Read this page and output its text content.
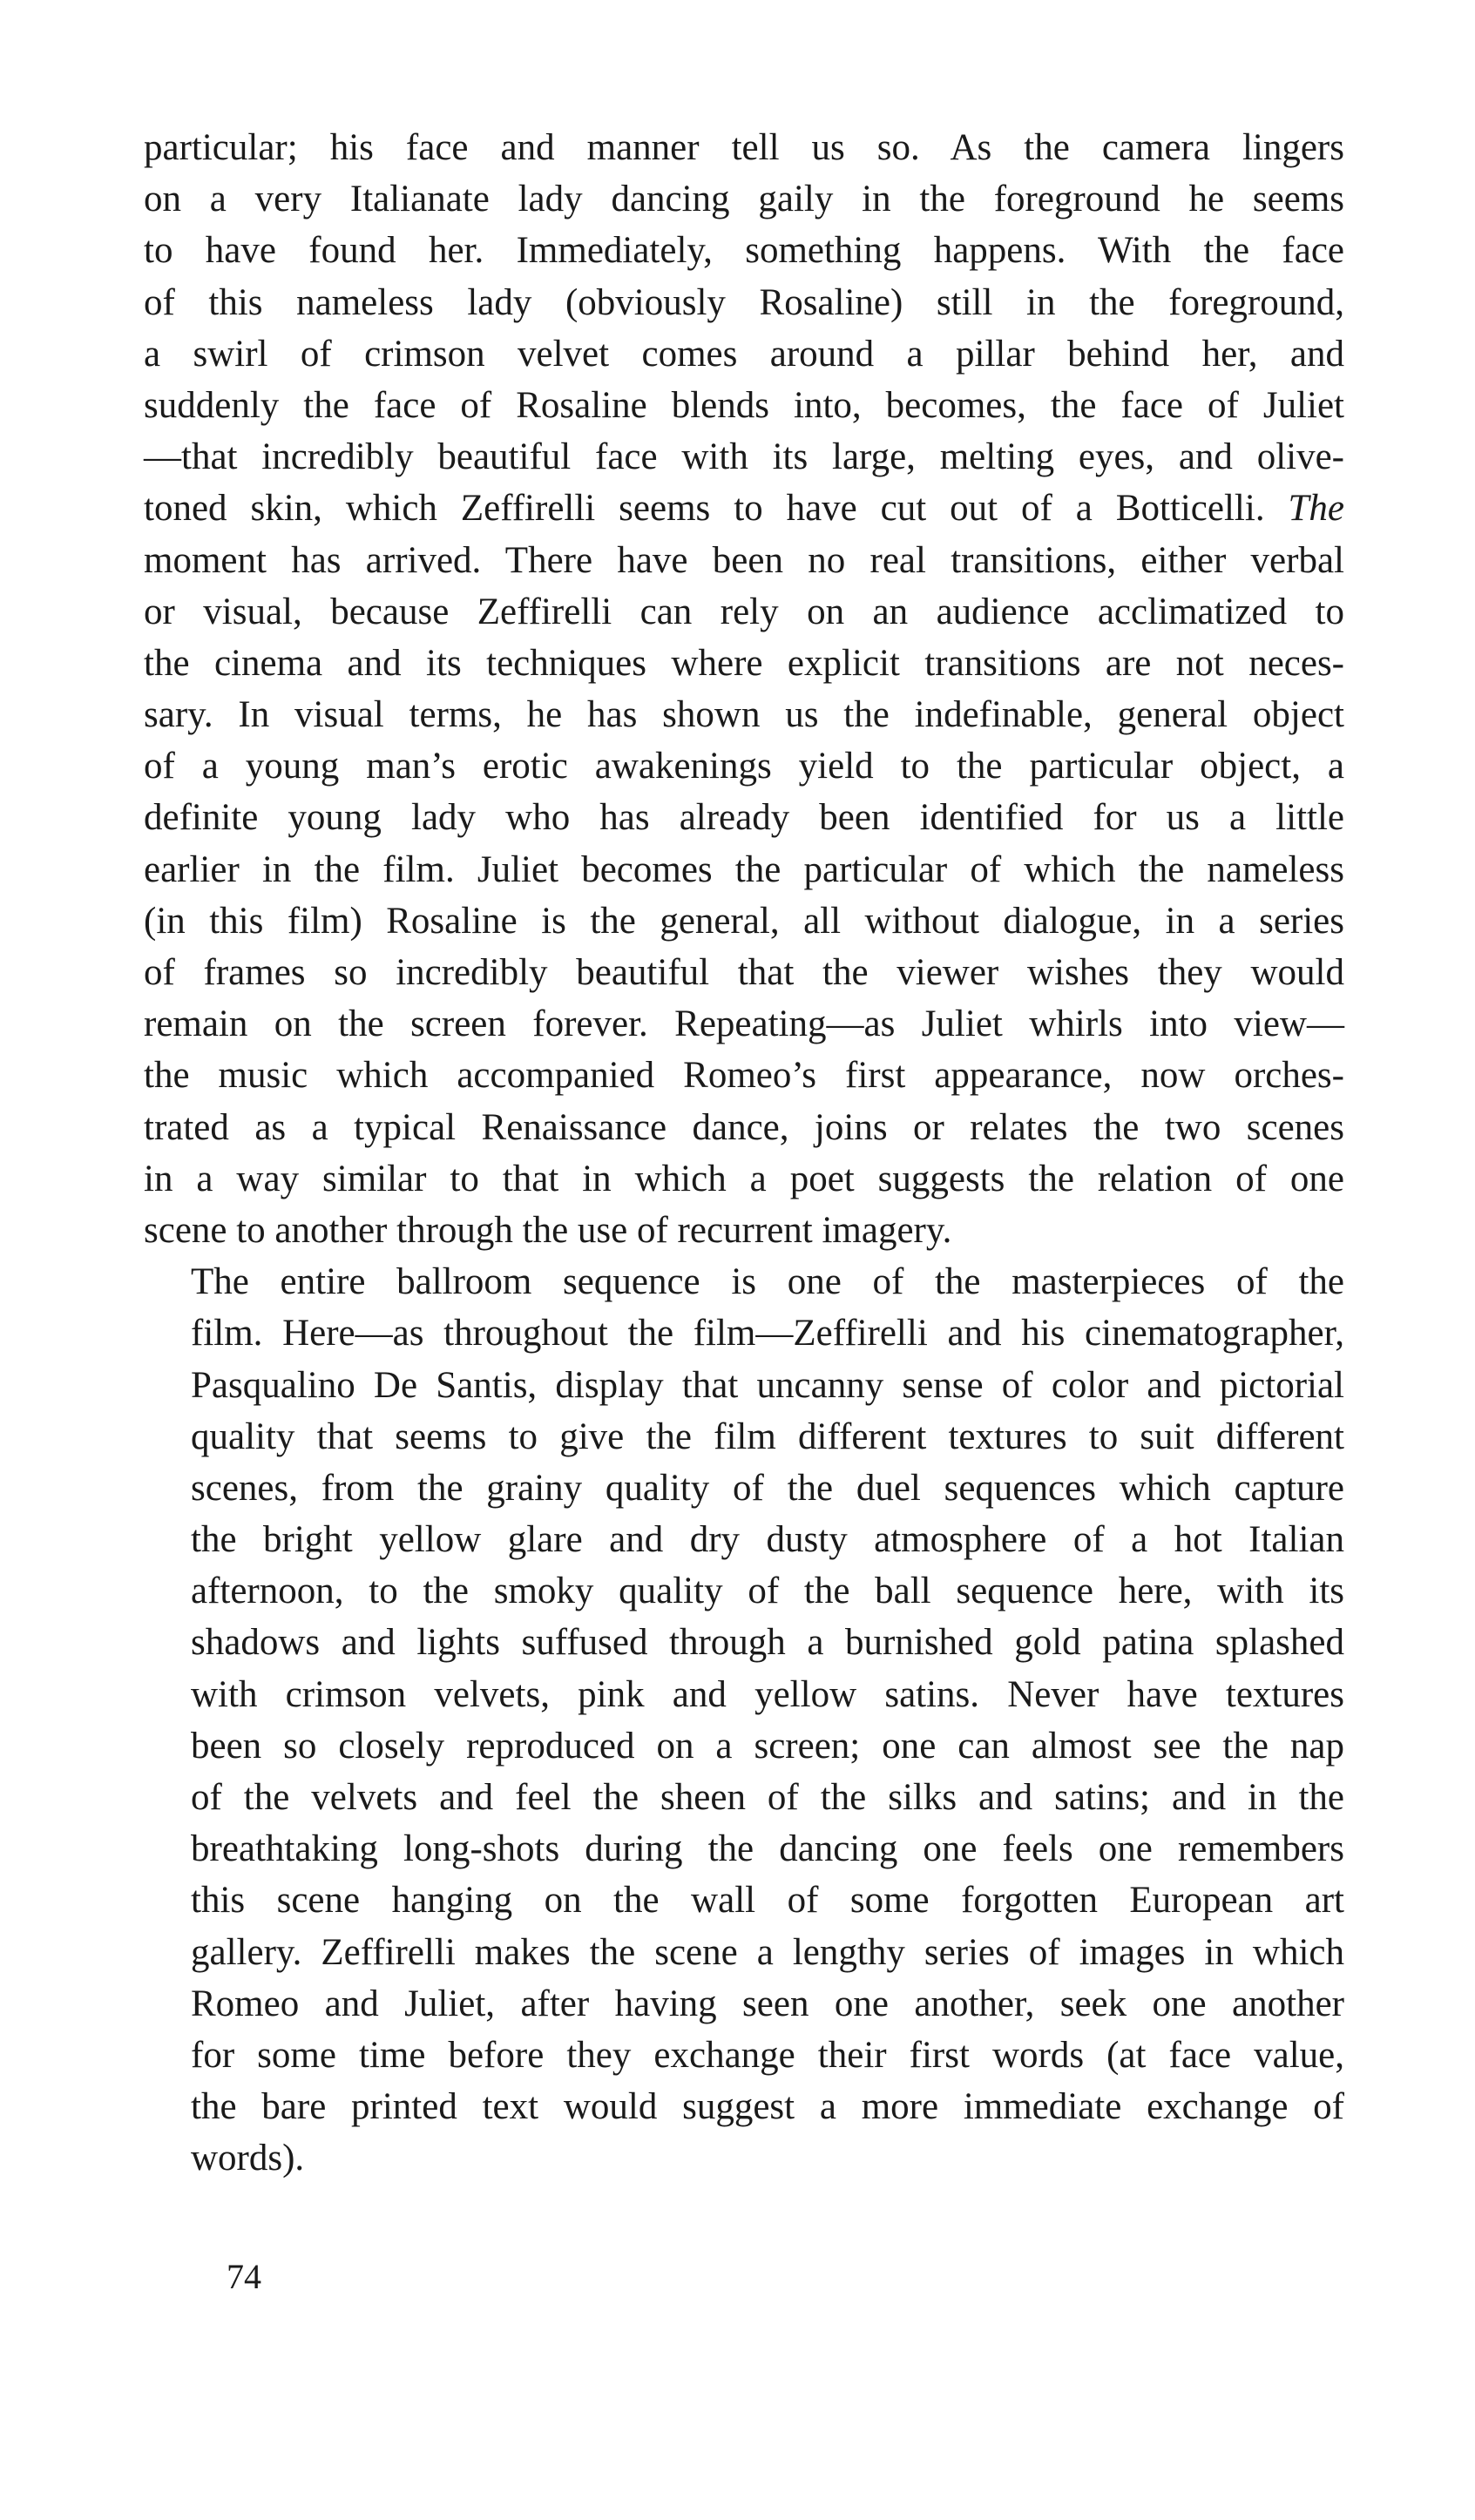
particular; his face and manner tell us so. As the camera lingers
on a very Italianate lady dancing gaily in the foreground he seems
to have found her. Immediately, something happens. With the face
of this nameless lady (obviously Rosaline) still in the foreground,
a swirl of crimson velvet comes around a pillar behind her, and
suddenly the face of Rosaline blends into, becomes, the face of Juliet
—that incredibly beautiful face with its large, melting eyes, and olive-
toned skin, which Zeffirelli seems to have cut out of a Botticelli. The
moment has arrived. There have been no real transitions, either verbal
or visual, because Zeffirelli can rely on an audience acclimatized to
the cinema and its techniques where explicit transitions are not neces-
sary. In visual terms, he has shown us the indefinable, general object
of a young man’s erotic awakenings yield to the particular object, a
definite young lady who has already been identified for us a little
earlier in the film. Juliet becomes the particular of which the nameless
(in this film) Rosaline is the general, all without dialogue, in a series
of frames so incredibly beautiful that the viewer wishes they would
remain on the screen forever. Repeating—as Juliet whirls into view—
the music which accompanied Romeo’s first appearance, now orches-
trated as a typical Renaissance dance, joins or relates the two scenes
in a way similar to that in which a poet suggests the relation of one
scene to another through the use of recurrent imagery.
The entire ballroom sequence is one of the masterpieces of the
film. Here—as throughout the film—Zeffirelli and his cinematographer,
Pasqualino De Santis, display that uncanny sense of color and pictorial
quality that seems to give the film different textures to suit different
scenes, from the grainy quality of the duel sequences which capture
the bright yellow glare and dry dusty atmosphere of a hot Italian
afternoon, to the smoky quality of the ball sequence here, with its
shadows and lights suffused through a burnished gold patina splashed
with crimson velvets, pink and yellow satins. Never have textures
been so closely reproduced on a screen; one can almost see the nap
of the velvets and feel the sheen of the silks and satins; and in the
breathtaking long-shots during the dancing one feels one remembers
this scene hanging on the wall of some forgotten European art
gallery. Zeffirelli makes the scene a lengthy series of images in which
Romeo and Juliet, after having seen one another, seek one another
for some time before they exchange their first words (at face value,
the bare printed text would suggest a more immediate exchange of
words).
74
